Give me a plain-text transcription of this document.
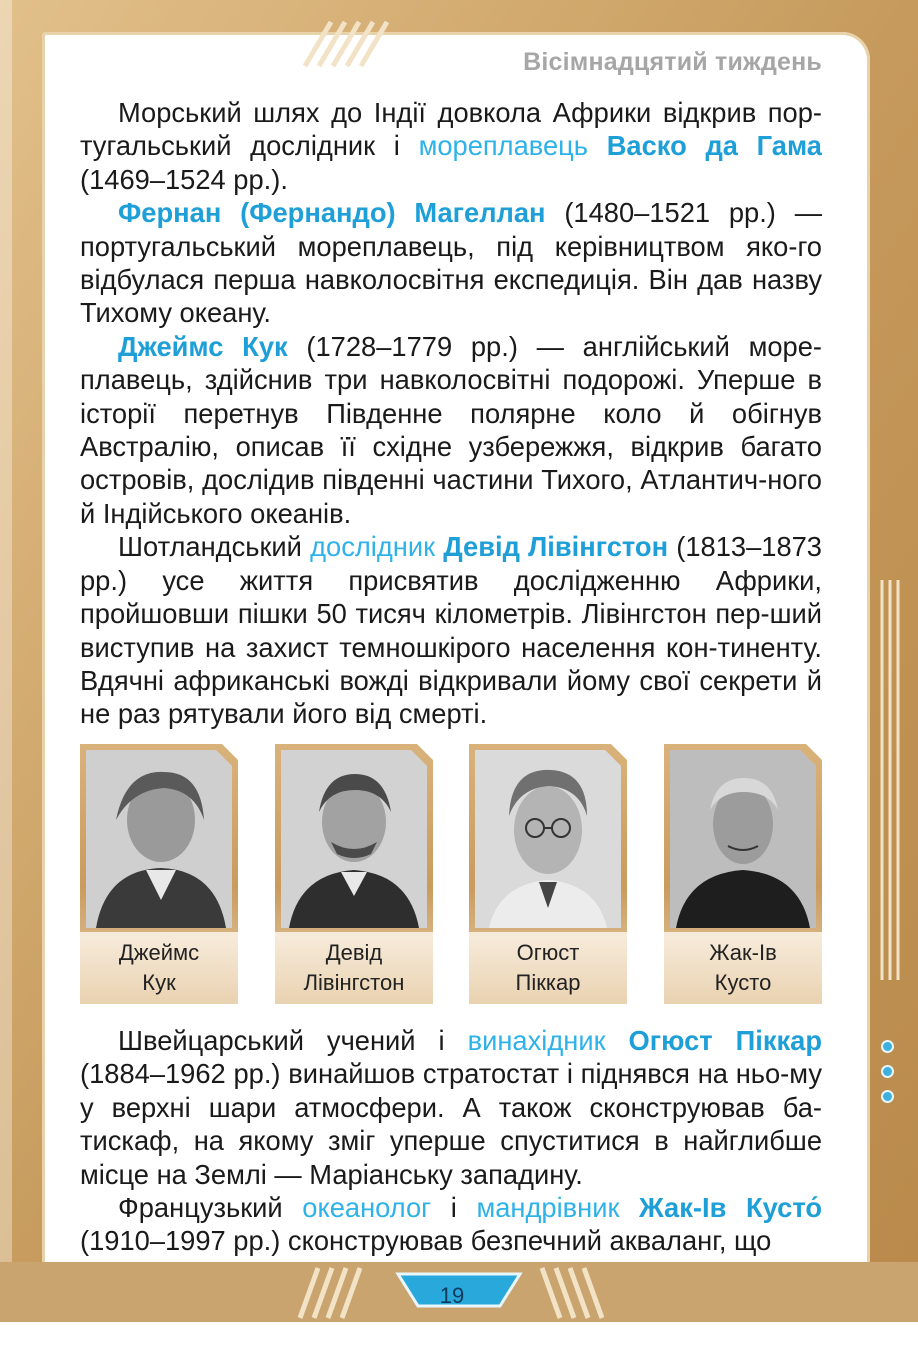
Вісімнадцятий тиждень

Морський шлях до Індії довкола Африки відкрив пор-тугальський дослідник і мореплавець Васко да Гама (1469–1524 рр.).

Фернан (Фернандо) Магеллан (1480–1521 рр.) — португальський мореплавець, під керівництвом яко-го відбулася перша навколосвітня експедиція. Він дав назву Тихому океану.

Джеймс Кук (1728–1779 рр.) — англійський море-плавець, здійснив три навколосвітні подорожі. Уперше в історії перетнув Південне полярне коло й обігнув Австралію, описав її східне узбережжя, відкрив багато островів, дослідив південні частини Тихого, Атлантич-ного й Індійського океанів.

Шотландський дослідник Девід Лівінгстон (1813–1873 рр.) усе життя присвятив дослідженню Африки, пройшовши пішки 50 тисяч кілометрів. Лівінгстон пер-ший виступив на захист темношкірого населення кон-тиненту. Вдячні африканські вожді відкривали йому свої секрети й не раз рятували його від смерті.

Джеймс
Кук
Девід
Лівінгстон
Огюст
Піккар
Жак-Ів
Кусто

Швейцарський учений і винахідник Огюст Піккар (1884–1962 рр.) винайшов стратостат і піднявся на ньо-му у верхні шари атмосфери. А також сконструював ба-тискаф, на якому зміг уперше спуститися в найглибше місце на Землі — Маріанську западину.

Французький океанолог і мандрівник Жак-Ів Кусто́ (1910–1997 рр.) сконструював безпечний акваланг, що

19
